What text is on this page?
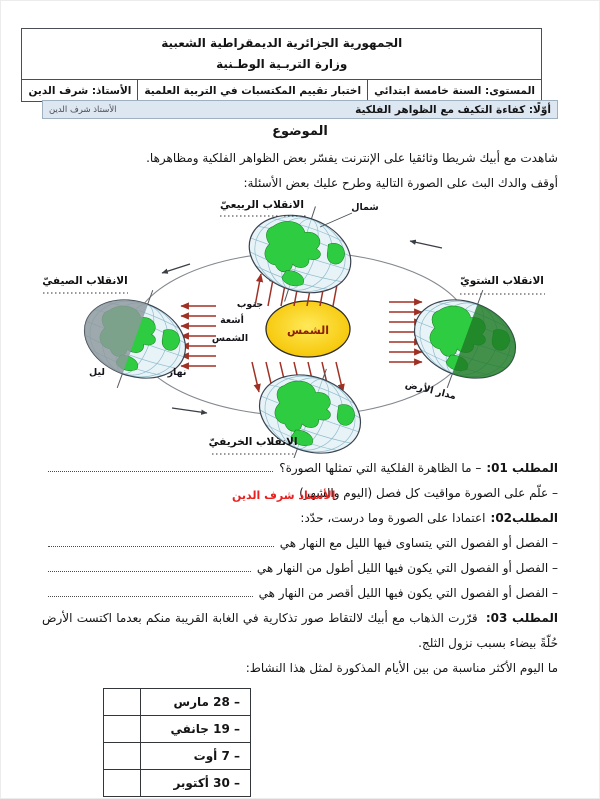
الجمهورية الجزائرية الديمقراطية الشعبية
وزارة التربـية الوطـنية

المستوى: السنة خامسة ابتدائي	اختبار تقييم المكتسبات في التربية العلمية	الأستاذ: شرف الدين
أوّلًا: كفاءة التكيف مع الظواهر الفلكية
الأستاذ شرف الدين
الموضوع
شاهدت مع أبيك شريطا وثائقيا على الإنترنت يفسّر بعض الظواهر الفلكية ومظاهرها.
أوقف والدك البث على الصورة التالية وطرح عليك بعض الأسئلة:
الشمس
الانقلاب الربيعيّ
الانقلاب الصيفيّ	الانقلاب الشتويّ
الانقلاب الخريفيّ
شمال
جنوب
أشعة
الشمس
ليل	نهار
مدار الأرض
المطلب 01:
– ما الظاهرة الفلكية التي تمثلها الصورة؟
– علّم على الصورة مواقيت كل فصل (اليوم والشهر)
الأستاذ شرف الدين
المطلب02:
اعتمادا على الصورة وما درست، حدّد:
– الفصل أو الفصول التي يتساوى فيها الليل مع النهار هي
– الفصل أو الفصول التي يكون فيها الليل أطول من النهار هي
– الفصل أو الفصول التي يكون فيها الليل أقصر من النهار هي
المطلب 03: قرّرت الذهاب مع أبيك لالتقاط صور تذكارية في الغابة القريبة منكم بعدما اكتست الأرض حُلّةً بيضاء بسبب نزول الثلج.
ما اليوم الأكثر مناسبة من بين الأيام المذكورة لمثل هذا النشاط:
– 28 مارس	
– 19 جانفي	
– 7 أوت	
– 30 أكتوبر	
